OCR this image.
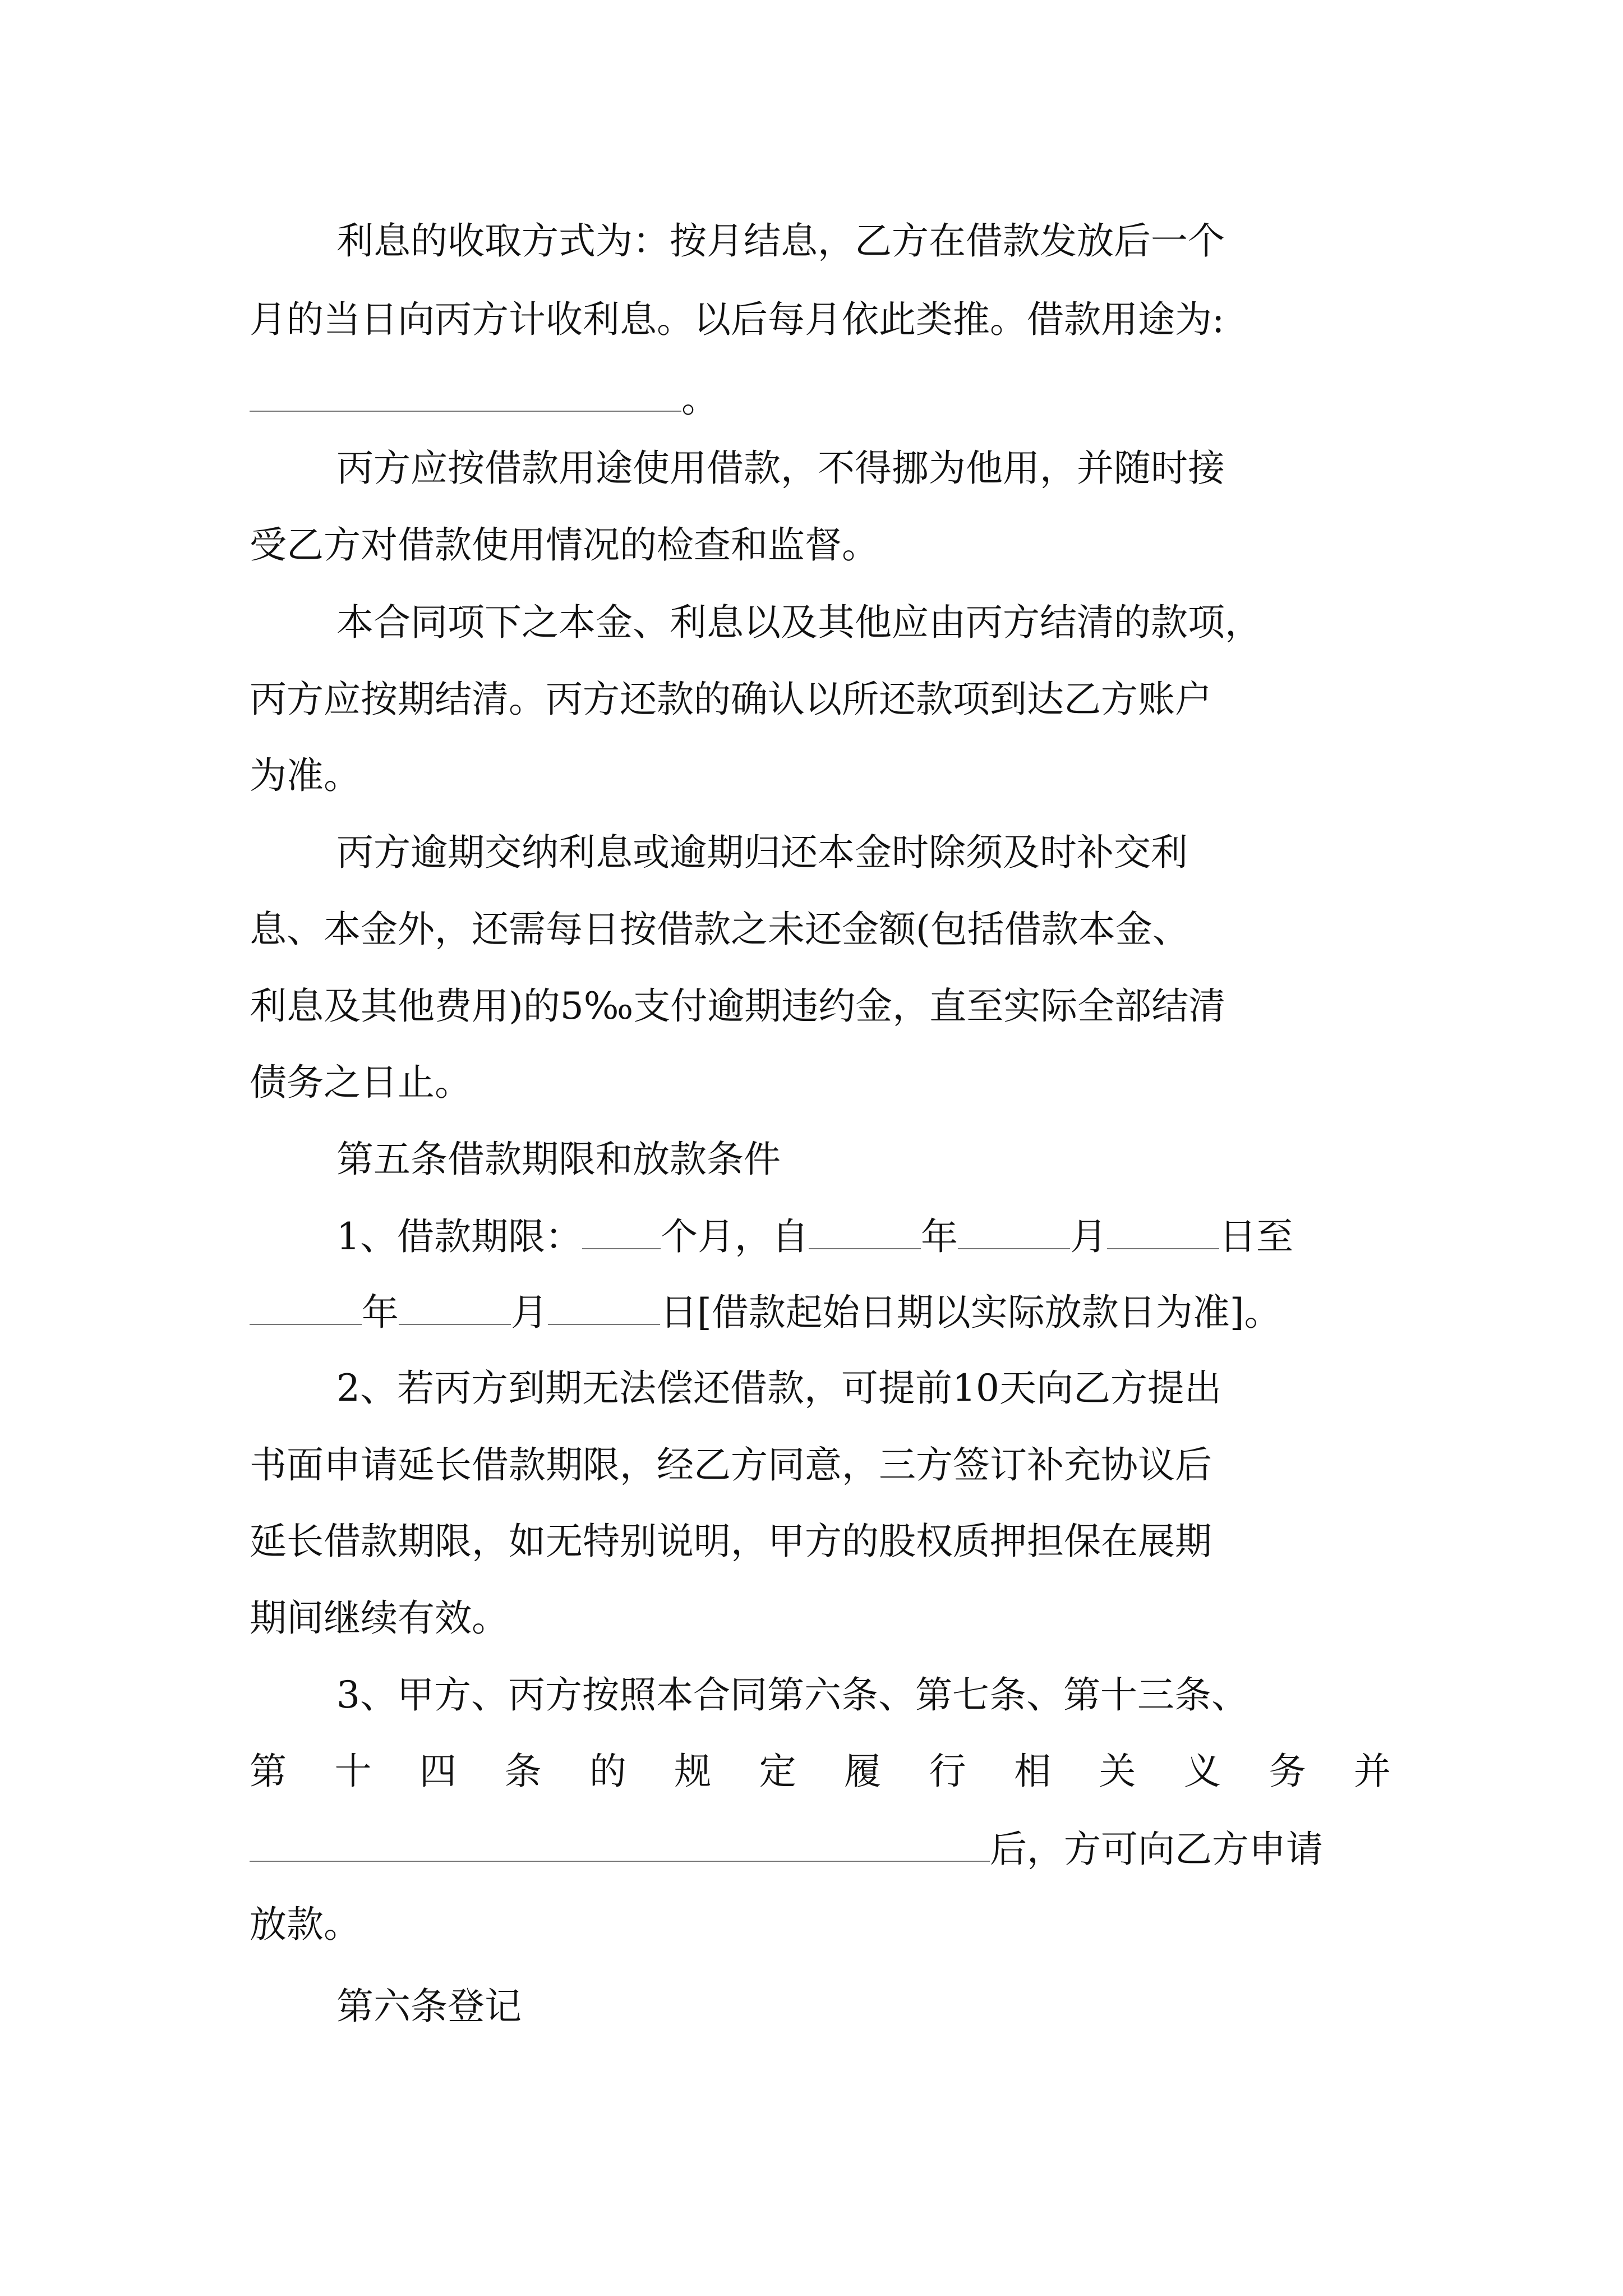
利息的收取方式为：按月结息，乙方在借款发放后一个
月的当日向丙方计收利息。以后每月依此类推。借款用途为:
。
丙方应按借款用途使用借款，不得挪为他用，并随时接
受乙方对借款使用情况的检查和监督。
本合同项下之本金、利息以及其他应由丙方结清的款项，
丙方应按期结清。丙方还款的确认以所还款项到达乙方账户
为准。
丙方逾期交纳利息或逾期归还本金时除须及时补交利
息、本金外，还需每日按借款之未还金额(包括借款本金、
利息及其他费用)的5‰支付逾期违约金，直至实际全部结清
债务之日止。
第五条借款期限和放款条件
1、借款期限： 个月，自	年	月	日至
年	月	日[借款起始日期以实际放款日为准]。
2、若丙方到期无法偿还借款，可提前10天向乙方提出
书面申请延长借款期限，经乙方同意，三方签订补充协议后
延长借款期限，如无特别说明，甲方的股权质押担保在展期
期间继续有效。
3、甲方、丙方按照本合同第六条、第七条、第十三条、
第 十 四 条 的 规 定 履 行 相 关 义 务 并
后，方可向乙方申请
放款。
第六条登记
